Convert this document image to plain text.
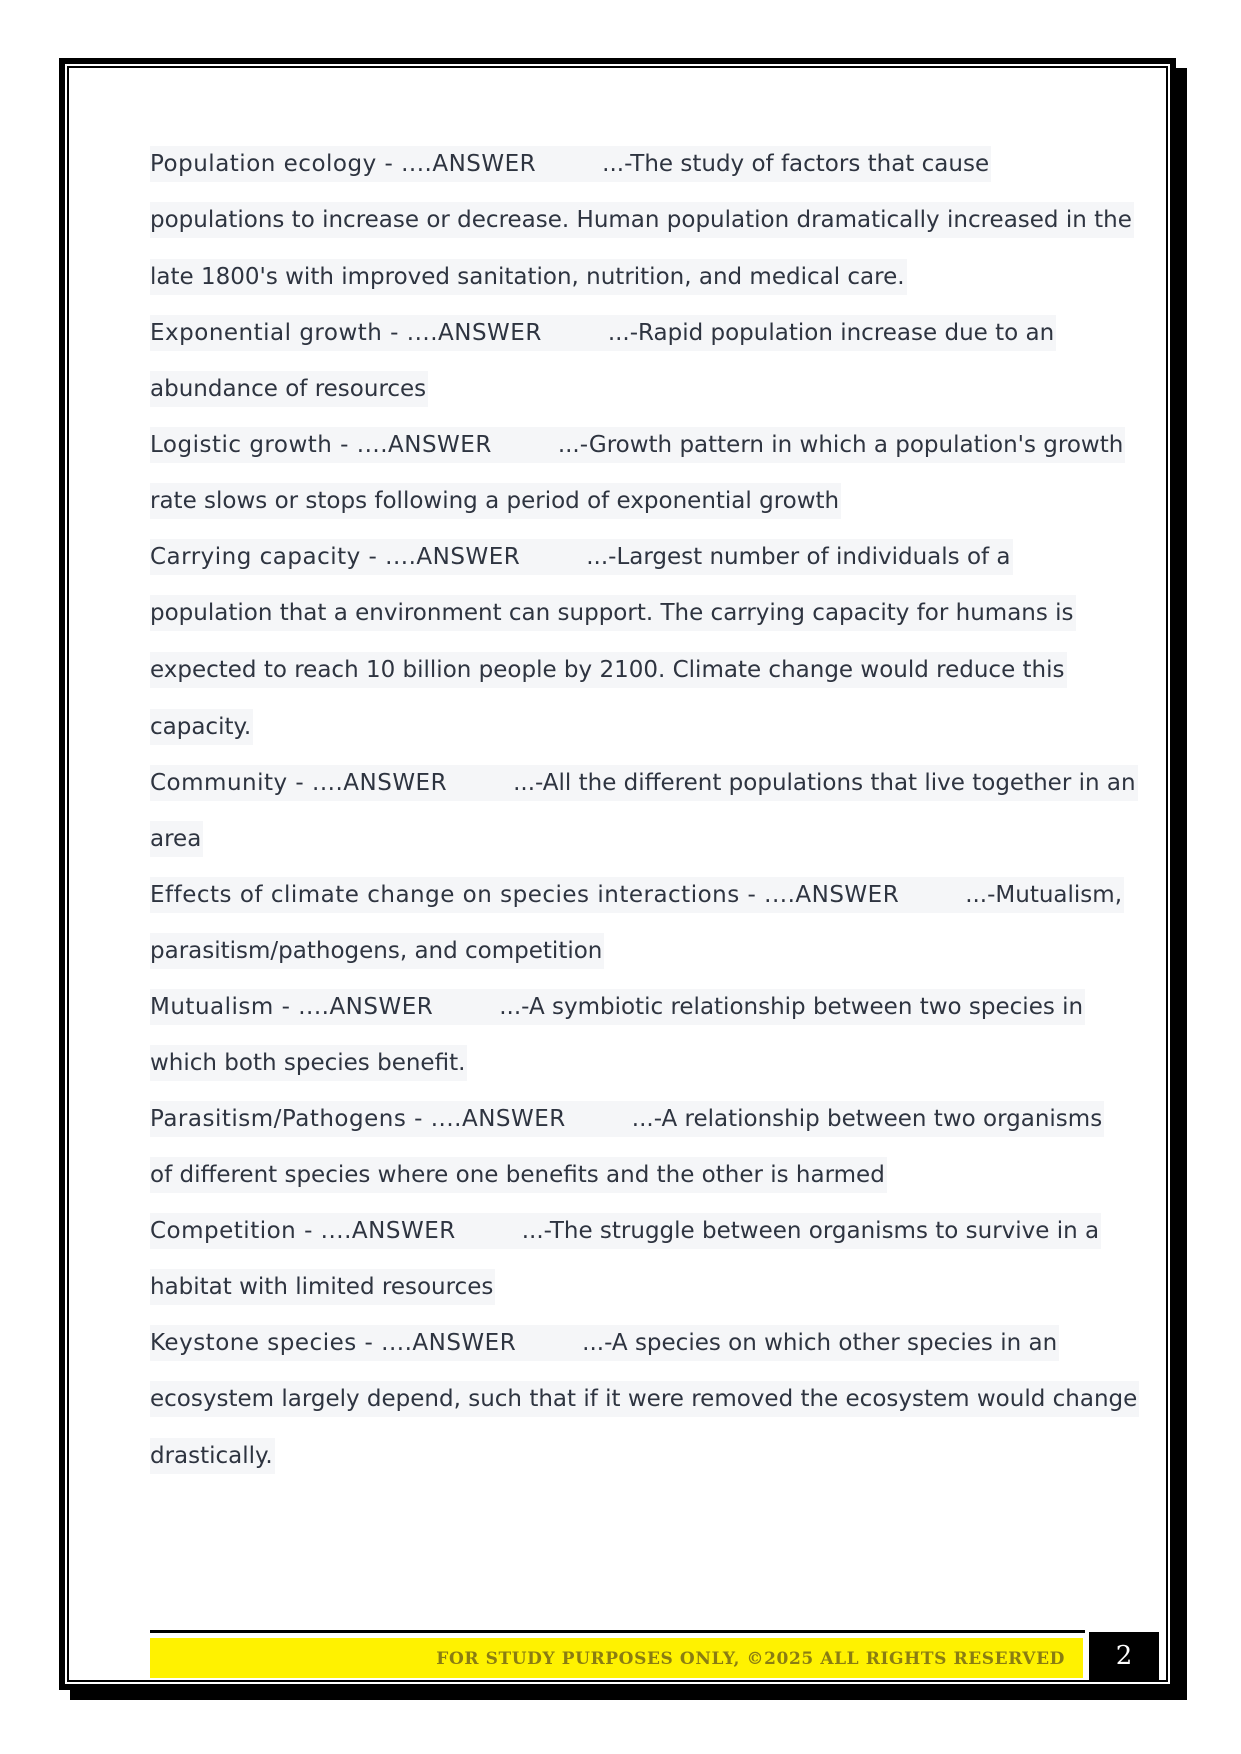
Population ecology - ....ANSWER	...-The study of factors that cause
populations to increase or decrease. Human population dramatically increased in the
late 1800's with improved sanitation, nutrition, and medical care.
Exponential growth - ....ANSWER	...-Rapid population increase due to an
abundance of resources
Logistic growth - ....ANSWER	...-Growth pattern in which a population's growth
rate slows or stops following a period of exponential growth
Carrying capacity - ....ANSWER	...-Largest number of individuals of a
population that a environment can support. The carrying capacity for humans is
expected to reach 10 billion people by 2100. Climate change would reduce this
capacity.
Community - ....ANSWER	...-All the different populations that live together in an
area
Effects of climate change on species interactions - ....ANSWER	...-Mutualism,
parasitism/pathogens, and competition
Mutualism - ....ANSWER	...-A symbiotic relationship between two species in
which both species benefit.
Parasitism/Pathogens - ....ANSWER	...-A relationship between two organisms
of different species where one benefits and the other is harmed
Competition - ....ANSWER	...-The struggle between organisms to survive in a
habitat with limited resources
Keystone species - ....ANSWER	...-A species on which other species in an
ecosystem largely depend, such that if it were removed the ecosystem would change
drastically.
FOR STUDY PURPOSES ONLY, ©2025 ALL RIGHTS RESERVED	2
